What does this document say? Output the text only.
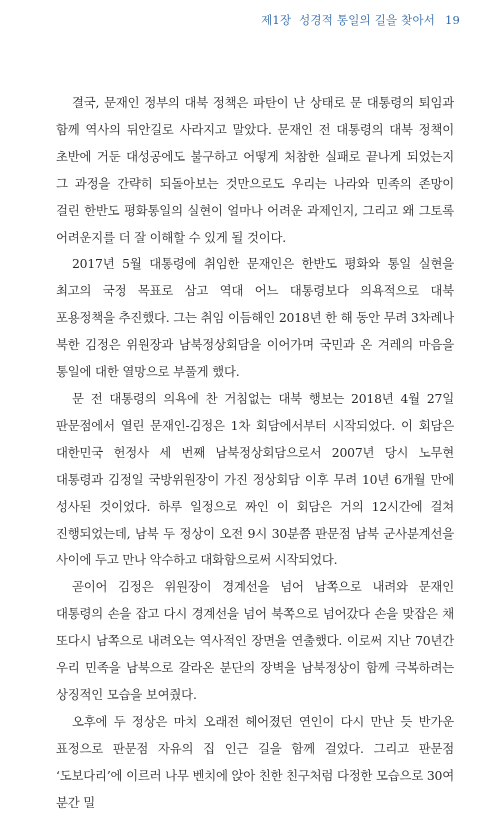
제1장 성경적 통일의 길을 찾아서 19

결국, 문재인 정부의 대북 정책은 파탄이 난 상태로 문 대통령의 퇴임과 함께 역사의 뒤안길로 사라지고 말았다. 문재인 전 대통령의 대북 정책이 초반에 거둔 대성공에도 불구하고 어떻게 처참한 실패로 끝나게 되었는지 그 과정을 간략히 되돌아보는 것만으로도 우리는 나라와 민족의 존망이 걸린 한반도 평화통일의 실현이 얼마나 어려운 과제인지, 그리고 왜 그토록 어려운지를 더 잘 이해할 수 있게 될 것이다.

2017년 5월 대통령에 취임한 문재인은 한반도 평화와 통일 실현을 최고의 국정 목표로 삼고 역대 어느 대통령보다 의욕적으로 대북 포용정책을 추진했다. 그는 취임 이듬해인 2018년 한 해 동안 무려 3차례나 북한 김정은 위원장과 남북정상회담을 이어가며 국민과 온 겨레의 마음을 통일에 대한 열망으로 부풀게 했다.

문 전 대통령의 의욕에 찬 거침없는 대북 행보는 2018년 4월 27일 판문점에서 열린 문재인-김정은 1차 회담에서부터 시작되었다. 이 회담은 대한민국 헌정사 세 번째 남북정상회담으로서 2007년 당시 노무현 대통령과 김정일 국방위원장이 가진 정상회담 이후 무려 10년 6개월 만에 성사된 것이었다. 하루 일정으로 짜인 이 회담은 거의 12시간에 걸쳐 진행되었는데, 남북 두 정상이 오전 9시 30분쯤 판문점 남북 군사분계선을 사이에 두고 만나 악수하고 대화함으로써 시작되었다.

곧이어 김정은 위원장이 경계선을 넘어 남쪽으로 내려와 문재인 대통령의 손을 잡고 다시 경계선을 넘어 북쪽으로 넘어갔다 손을 맞잡은 채 또다시 남쪽으로 내려오는 역사적인 장면을 연출했다. 이로써 지난 70년간 우리 민족을 남북으로 갈라온 분단의 장벽을 남북정상이 함께 극복하려는 상징적인 모습을 보여줬다.

오후에 두 정상은 마치 오래전 헤어졌던 연인이 다시 만난 듯 반가운 표정으로 판문점 자유의 집 인근 길을 함께 걸었다. 그리고 판문점 ‘도보다리’에 이르러 나무 벤치에 앉아 친한 친구처럼 다정한 모습으로 30여 분간 밀
